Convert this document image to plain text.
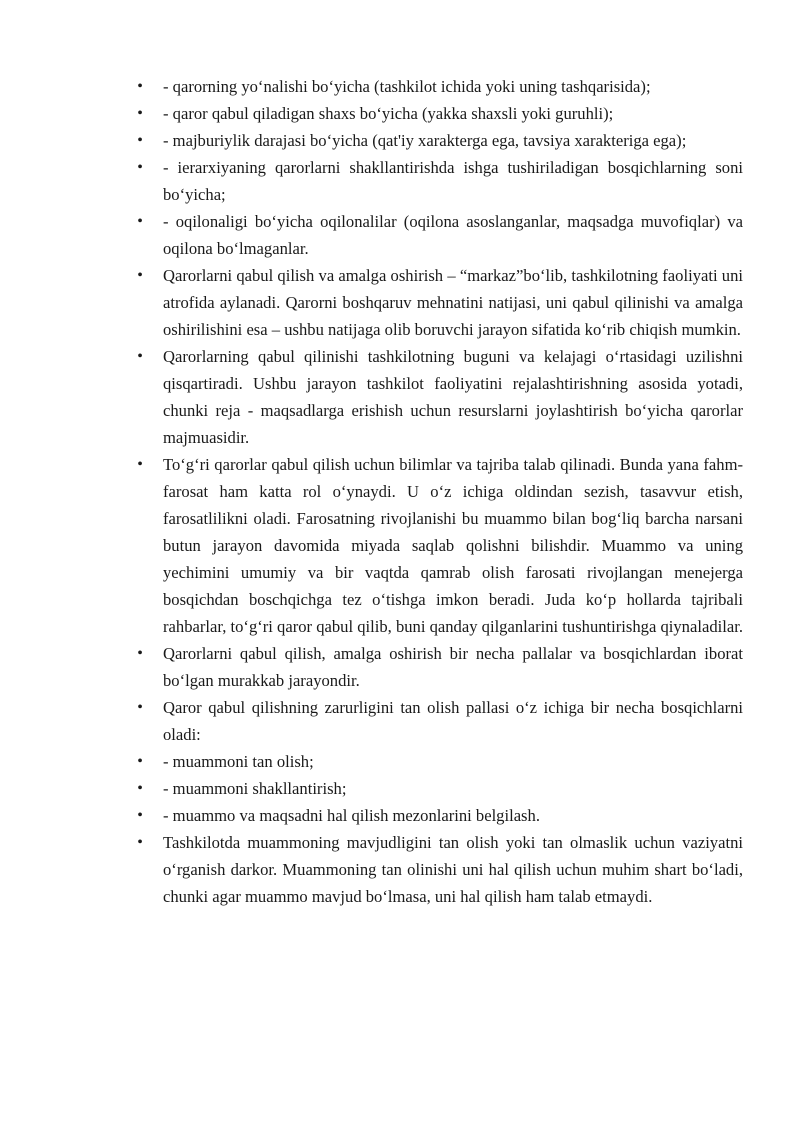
• - qarorning yo‘nalishi bo‘yicha (tashkilot ichida yoki uning tashqarisida);
• - qaror qabul qiladigan shaxs bo‘yicha (yakka shaxsli yoki guruhli);
• - majburiylik darajasi bo‘yicha (qat'iy xarakterga ega, tavsiya xarakteriga ega);
• - ierarxiyaning qarorlarni shakllantirishda ishga tushiriladigan bosqichlarning soni bo‘yicha;
• - oqilonaligi bo‘yicha oqilonalilar (oqilona asoslanganlar, maqsadga muvofiqlar) va oqilona bo‘lmaganlar.
• Qarorlarni qabul qilish va amalga oshirish – “markaz”bo‘lib, tashkilotning faoliyati uni atrofida aylanadi. Qarorni boshqaruv mehnatini natijasi, uni qabul qilinishi va amalga oshirilishini esa – ushbu natijaga olib boruvchi jarayon sifatida ko‘rib chiqish mumkin.
• Qarorlarning qabul qilinishi tashkilotning buguni va kelajagi o‘rtasidagi uzilishni qisqartiradi. Ushbu jarayon tashkilot faoliyatini rejalashtirishning asosida yotadi, chunki reja - maqsadlarga erishish uchun resurslarni joylashtirish bo‘yicha qarorlar majmuasidir.
• To‘g‘ri qarorlar qabul qilish uchun bilimlar va tajriba talab qilinadi. Bunda yana fahm-farosat ham katta rol o‘ynaydi. U o‘z ichiga oldindan sezish, tasavvur etish, farosatlilikni oladi. Farosatning rivojlanishi bu muammo bilan bog‘liq barcha narsani butun jarayon davomida miyada saqlab qolishni bilishdir. Muammo va uning yechimini umumiy va bir vaqtda qamrab olish farosati rivojlangan menejerga bosqichdan boschqichga tez o‘tishga imkon beradi. Juda ko‘p hollarda tajribali rahbarlar, to‘g‘ri qaror qabul qilib, buni qanday qilganlarini tushuntirishga qiynaladilar.
• Qarorlarni qabul qilish, amalga oshirish bir necha pallalar va bosqichlardan iborat bo‘lgan murakkab jarayondir.
• Qaror qabul qilishning zarurligini tan olish pallasi o‘z ichiga bir necha bosqichlarni oladi:
• - muammoni tan olish;
• - muammoni shakllantirish;
• - muammo va maqsadni hal qilish mezonlarini belgilash.
• Tashkilotda muammoning mavjudligini tan olish yoki tan olmaslik uchun vaziyatni o‘rganish darkor. Muammoning tan olinishi uni hal qilish uchun muhim shart bo‘ladi, chunki agar muammo mavjud bo‘lmasa, uni hal qilish ham talab etmaydi.
